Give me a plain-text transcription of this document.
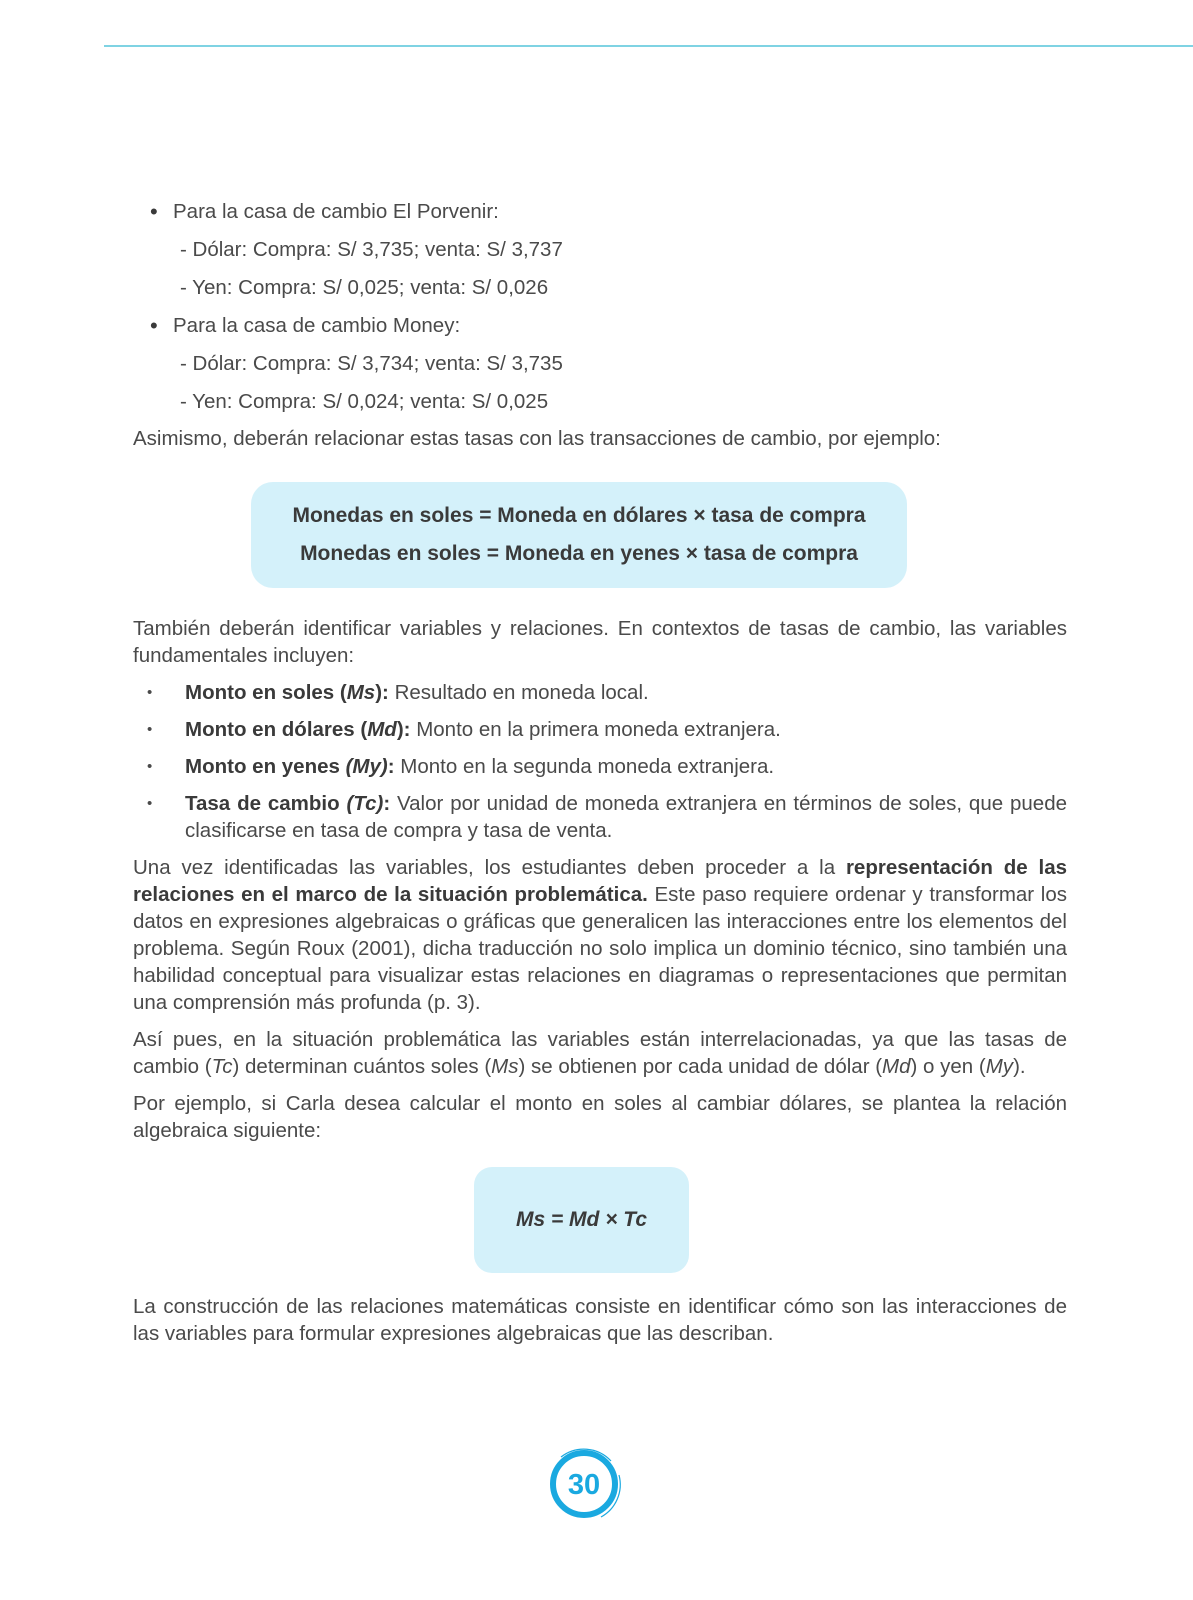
• Para la casa de cambio El Porvenir:
- Dólar: Compra: S/ 3,735; venta: S/ 3,737
- Yen: Compra: S/ 0,025; venta: S/ 0,026
• Para la casa de cambio Money:
- Dólar: Compra: S/ 3,734; venta: S/ 3,735
- Yen: Compra: S/ 0,024; venta: S/ 0,025

Asimismo, deberán relacionar estas tasas con las transacciones de cambio, por ejemplo:

Monedas en soles = Moneda en dólares × tasa de compra
Monedas en soles = Moneda en yenes × tasa de compra

También deberán identificar variables y relaciones. En contextos de tasas de cambio, las variables fundamentales incluyen:

• Monto en soles (Ms): Resultado en moneda local.
• Monto en dólares (Md): Monto en la primera moneda extranjera.
• Monto en yenes (My): Monto en la segunda moneda extranjera.
• Tasa de cambio (Tc): Valor por unidad de moneda extranjera en términos de soles, que puede clasificarse en tasa de compra y tasa de venta.

Una vez identificadas las variables, los estudiantes deben proceder a la representación de las relaciones en el marco de la situación problemática. Este paso requiere ordenar y transformar los datos en expresiones algebraicas o gráficas que generalicen las interacciones entre los elementos del problema. Según Roux (2001), dicha traducción no solo implica un dominio técnico, sino también una habilidad conceptual para visualizar estas relaciones en diagramas o representaciones que permitan una comprensión más profunda (p. 3).

Así pues, en la situación problemática las variables están interrelacionadas, ya que las tasas de cambio (Tc) determinan cuántos soles (Ms) se obtienen por cada unidad de dólar (Md) o yen (My).

Por ejemplo, si Carla desea calcular el monto en soles al cambiar dólares, se plantea la relación algebraica siguiente:

Ms = Md × Tc

La construcción de las relaciones matemáticas consiste en identificar cómo son las interacciones de las variables para formular expresiones algebraicas que las describan.

30
